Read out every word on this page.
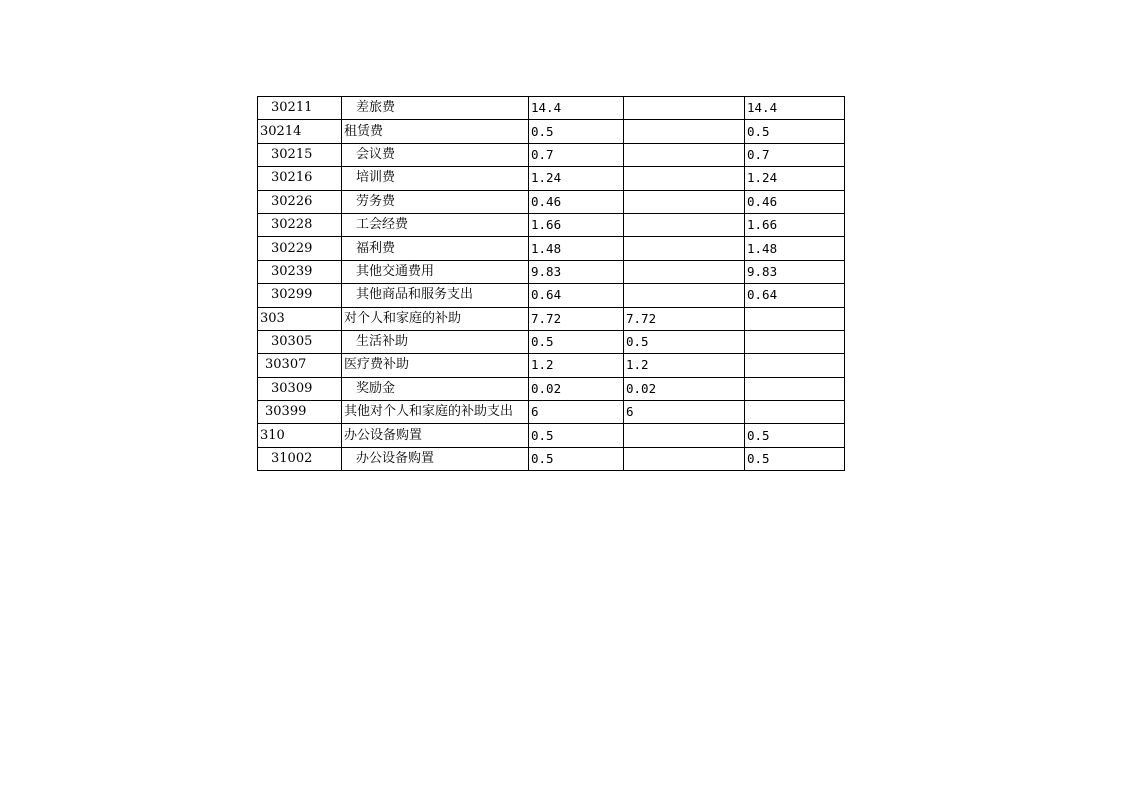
30211	差旅费	14.4		14.4
30214	租赁费	0.5		0.5
30215	会议费	0.7		0.7
30216	培训费	1.24		1.24
30226	劳务费	0.46		0.46
30228	工会经费	1.66		1.66
30229	福利费	1.48		1.48
30239	其他交通费用	9.83		9.83
30299	其他商品和服务支出	0.64		0.64
303	对个人和家庭的补助	7.72	7.72	
30305	生活补助	0.5	0.5	
30307	医疗费补助	1.2	1.2	
30309	奖励金	0.02	0.02	
30399	其他对个人和家庭的补助支出	6	6	
310	办公设备购置	0.5		0.5
31002	办公设备购置	0.5		0.5
